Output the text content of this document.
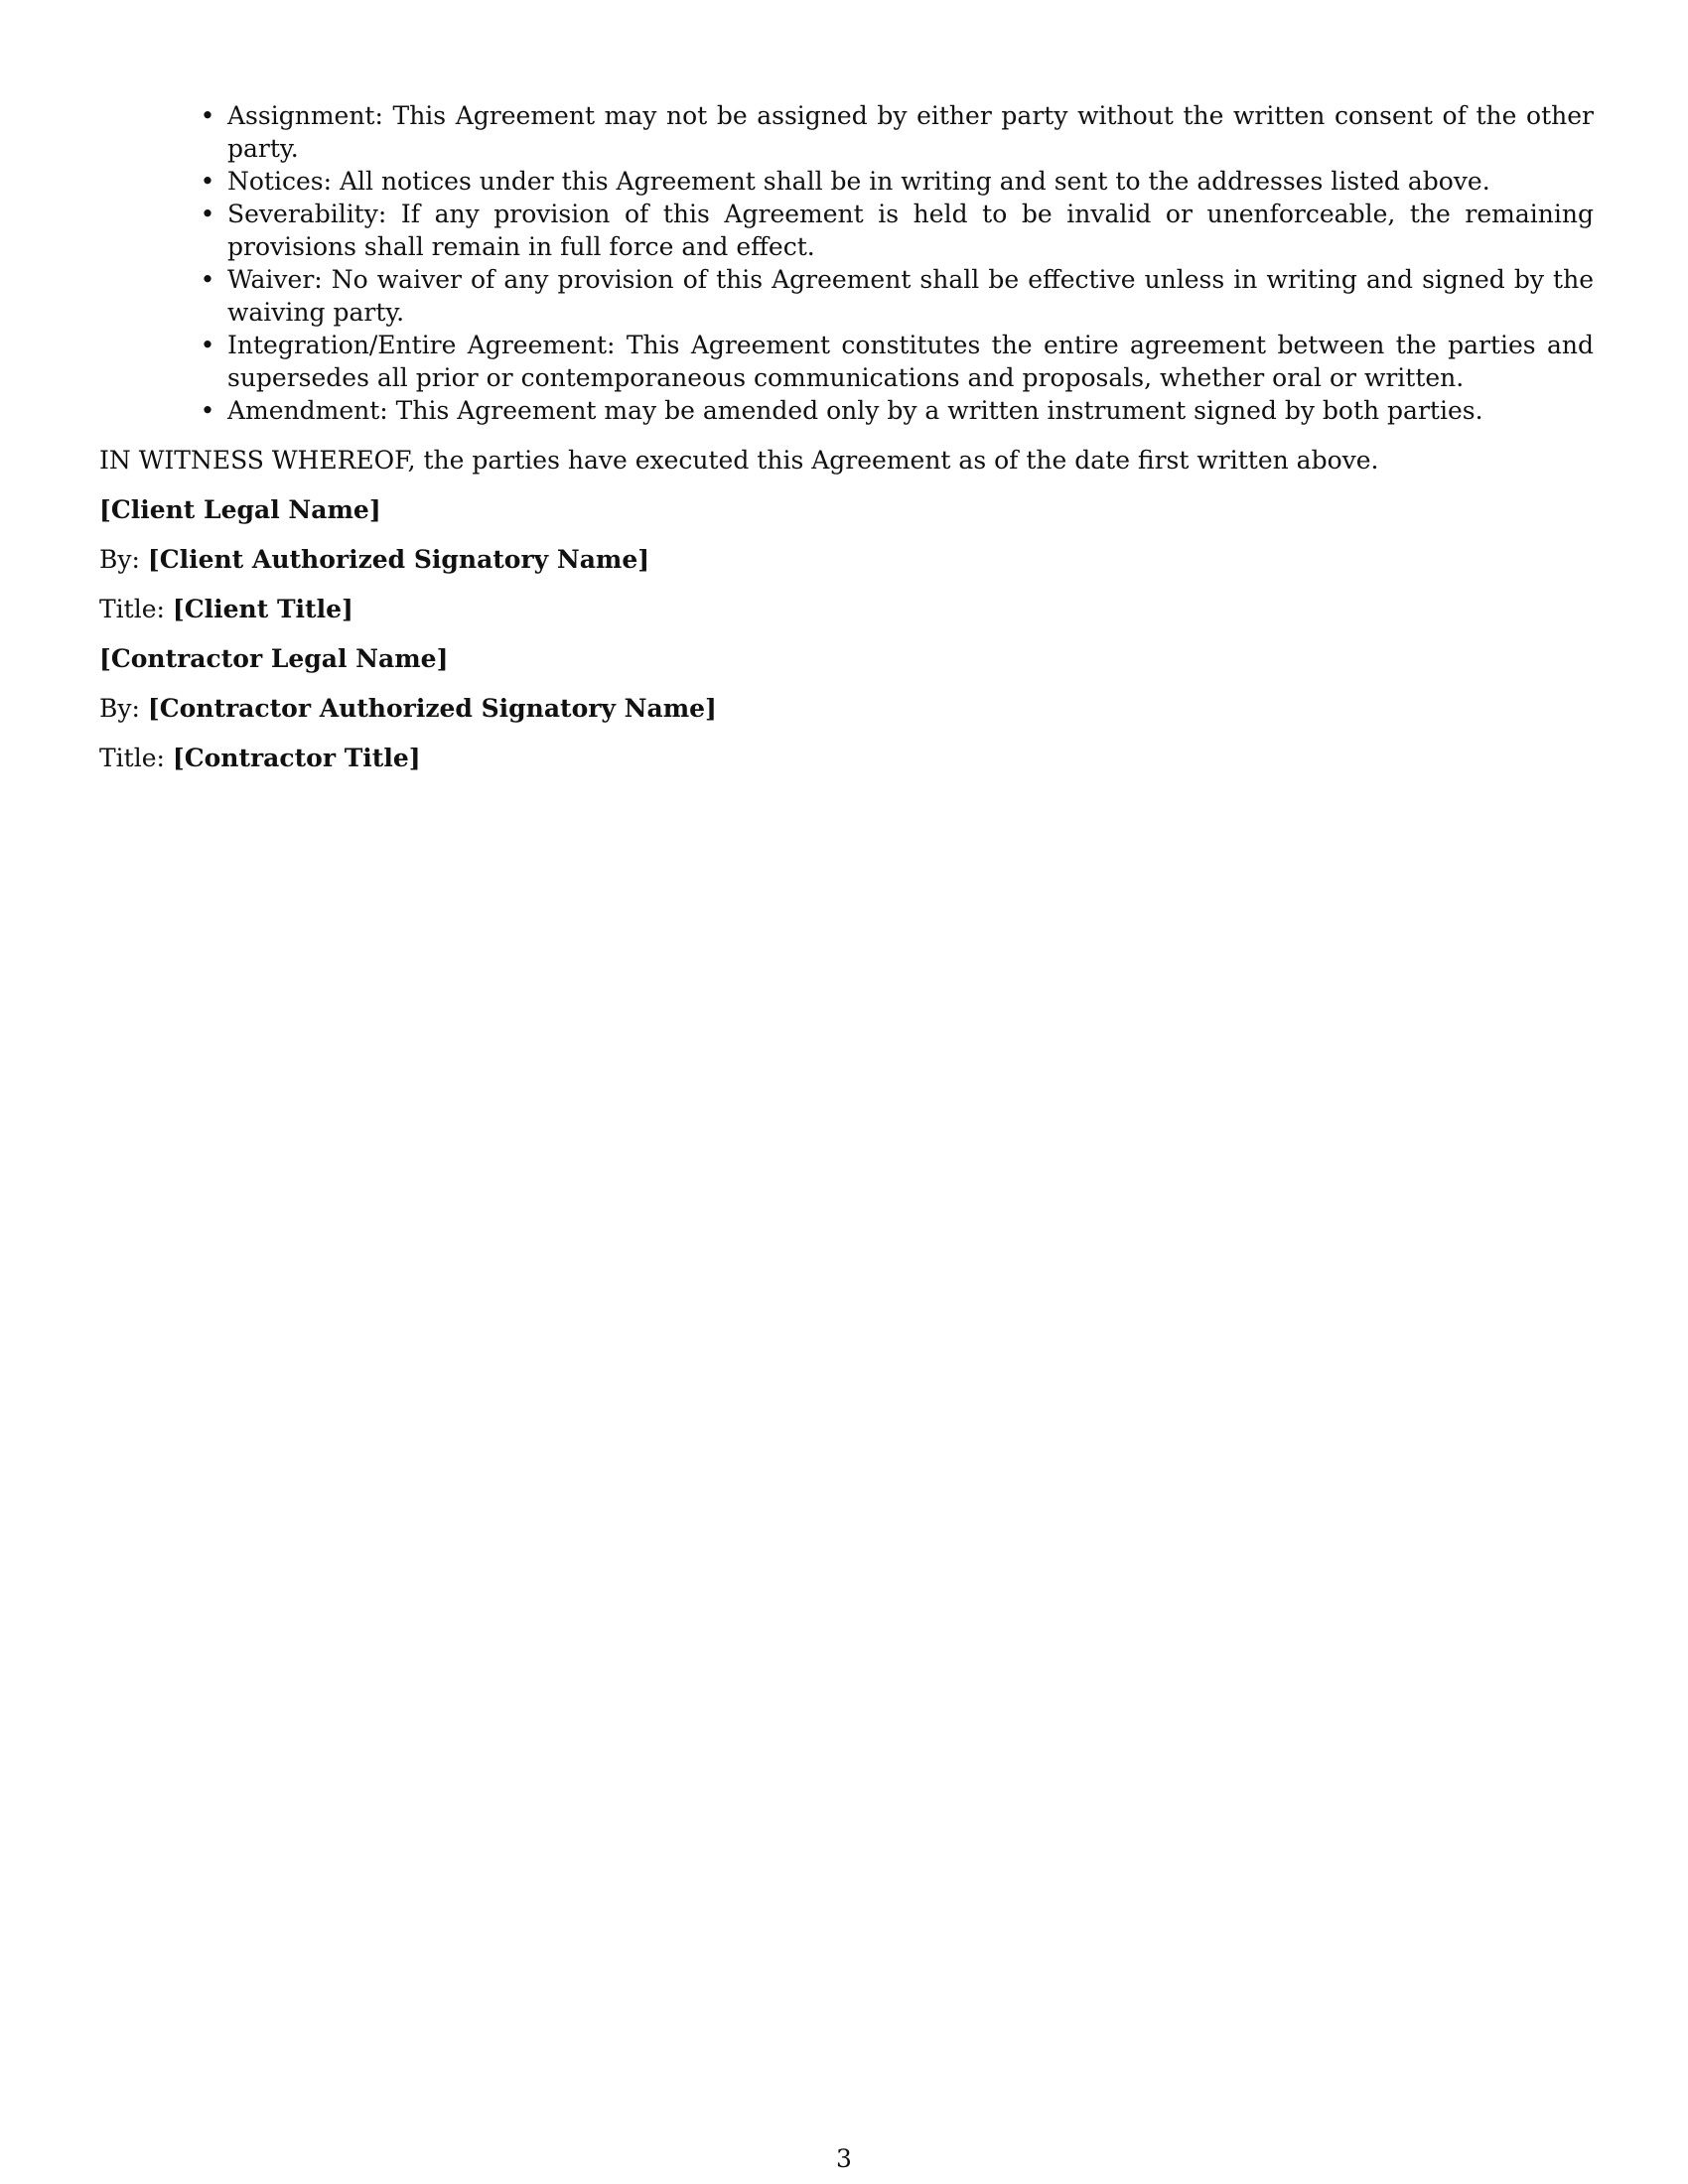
• Assignment: This Agreement may not be assigned by either party without the written consent of the other party.
• Notices: All notices under this Agreement shall be in writing and sent to the addresses listed above.
• Severability: If any provision of this Agreement is held to be invalid or unenforceable, the remaining provisions shall remain in full force and effect.
• Waiver: No waiver of any provision of this Agreement shall be effective unless in writing and signed by the waiving party.
• Integration/Entire Agreement: This Agreement constitutes the entire agreement between the parties and supersedes all prior or contemporaneous communications and proposals, whether oral or written.
• Amendment: This Agreement may be amended only by a written instrument signed by both parties.

IN WITNESS WHEREOF, the parties have executed this Agreement as of the date first written above.

[Client Legal Name]

By: [Client Authorized Signatory Name]

Title: [Client Title]

[Contractor Legal Name]

By: [Contractor Authorized Signatory Name]

Title: [Contractor Title]

3
